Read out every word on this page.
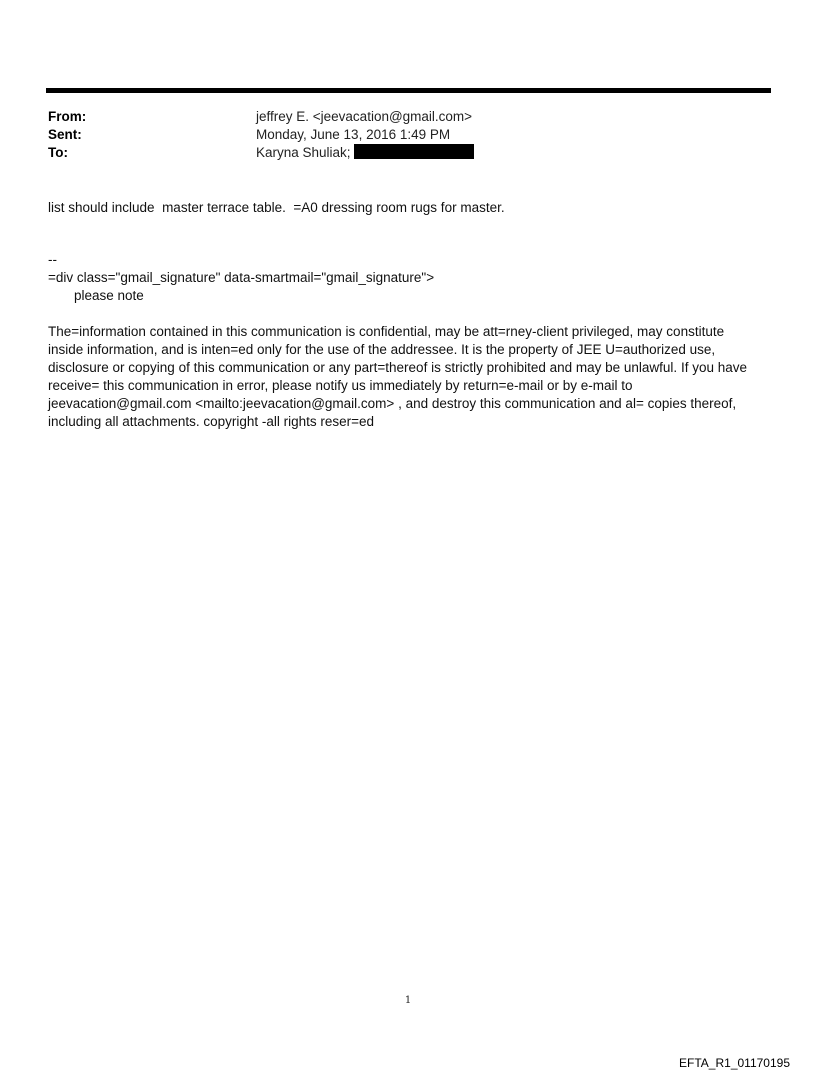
From:	jeffrey E. <jeevacation@gmail.com>
Sent:	Monday, June 13, 2016 1:49 PM
To:	Karyna Shuliak;
list should include  master terrace table.  =A0 dressing room rugs for master.
--
=div class="gmail_signature" data-smartmail="gmail_signature">
please note
The=information contained in this communication is confidential, may be att=rney-client privileged, may constitute inside information, and is inten=ed only for the use of the addressee. It is the property of JEE U=authorized use, disclosure or copying of this communication or any part=thereof is strictly prohibited and may be unlawful. If you have receive= this communication in error, please notify us immediately by return=e-mail or by e-mail to jeevacation@gmail.com <mailto:jeevacation@gmail.com> , and destroy this communication and al= copies thereof, including all attachments. copyright -all rights reser=ed
1
EFTA_R1_01170195
